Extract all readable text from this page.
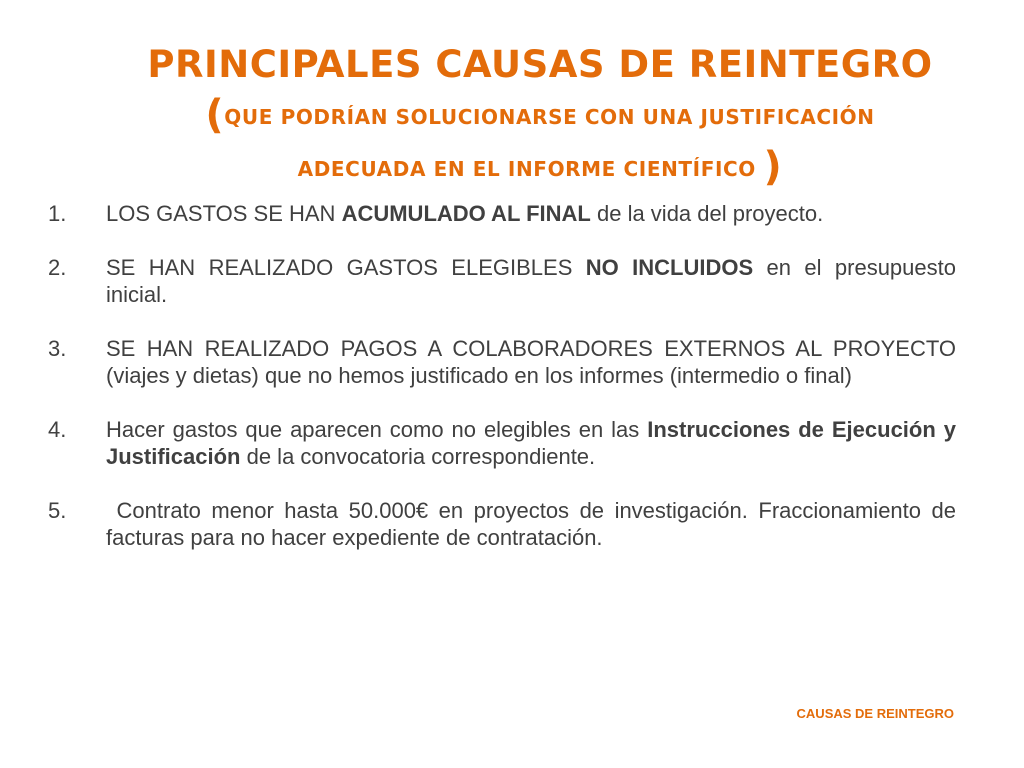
PRINCIPALES CAUSAS DE REINTEGRO
(QUE PODRÍAN SOLUCIONARSE CON UNA JUSTIFICACIÓN
ADECUADA EN EL INFORME CIENTÍFICO )
1.	LOS GASTOS SE HAN ACUMULADO AL FINAL de la vida del proyecto.
2.	SE HAN REALIZADO GASTOS ELEGIBLES NO INCLUIDOS en el presupuesto inicial.
3.	SE HAN REALIZADO PAGOS A COLABORADORES EXTERNOS AL PROYECTO (viajes y dietas) que no hemos justificado en los informes (intermedio o final)
4.	Hacer gastos que aparecen como no elegibles en las Instrucciones de Ejecución y    Justificación de la convocatoria correspondiente.
5.	Contrato menor hasta 50.000€ en proyectos de investigación. Fraccionamiento de facturas para no hacer expediente de contratación.
CAUSAS DE REINTEGRO
